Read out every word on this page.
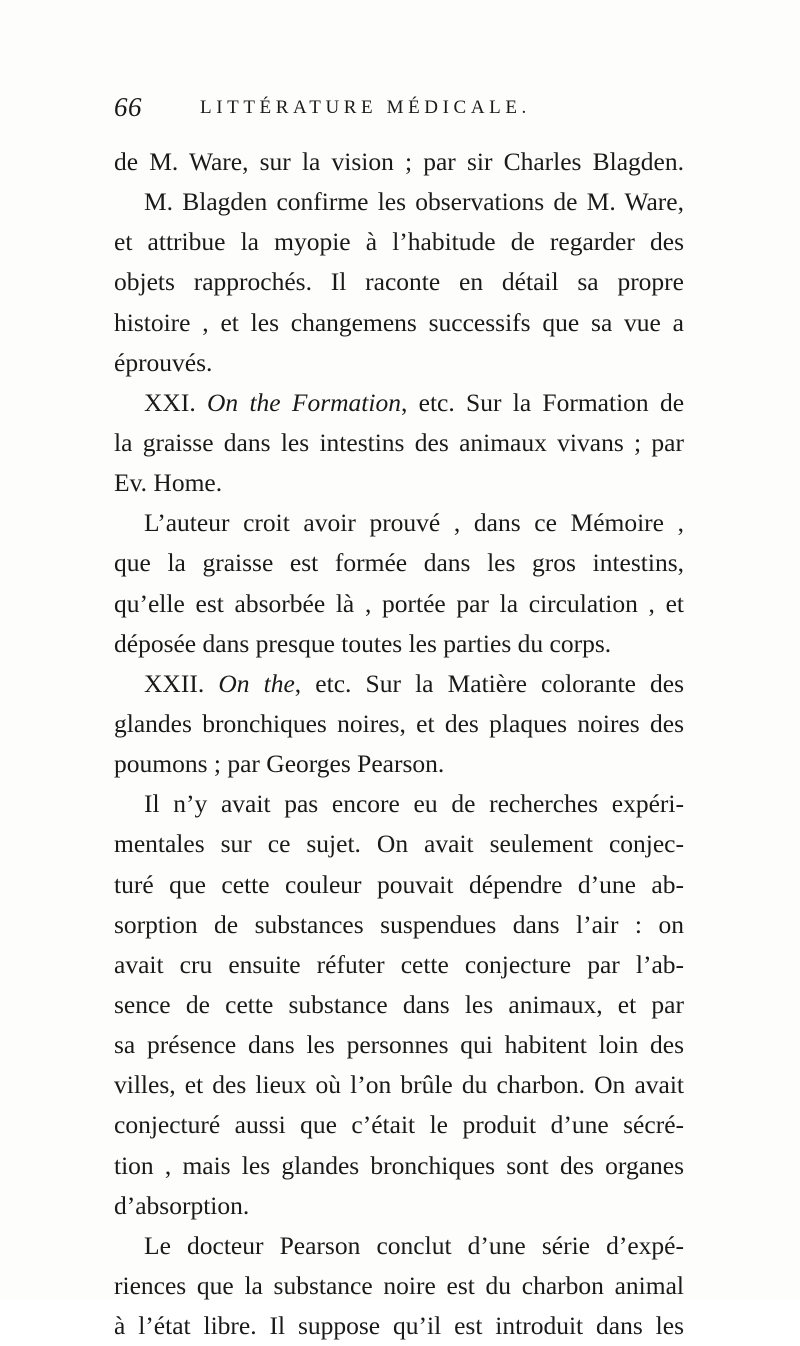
66	LITTÉRATURE MÉDICALE.
de M. Ware, sur la vision ; par sir Charles Blagden.
M. Blagden confirme les observations de M. Ware,
et attribue la myopie à l’habitude de regarder des
objets rapprochés. Il raconte en détail sa propre
histoire , et les changemens successifs que sa vue a
éprouvés.
XXI. On the Formation, etc. Sur la Formation de
la graisse dans les intestins des animaux vivans ; par
Ev. Home.
L’auteur croit avoir prouvé , dans ce Mémoire ,
que la graisse est formée dans les gros intestins,
qu’elle est absorbée là , portée par la circulation , et
déposée dans presque toutes les parties du corps.
XXII. On the, etc. Sur la Matière colorante des
glandes bronchiques noires, et des plaques noires des
poumons ; par Georges Pearson.
Il n’y avait pas encore eu de recherches expéri-
mentales sur ce sujet. On avait seulement conjec-
turé que cette couleur pouvait dépendre d’une ab-
sorption de substances suspendues dans l’air : on
avait cru ensuite réfuter cette conjecture par l’ab-
sence de cette substance dans les animaux, et par
sa présence dans les personnes qui habitent loin des
villes, et des lieux où l’on brûle du charbon. On avait
conjecturé aussi que c’était le produit d’une sécré-
tion , mais les glandes bronchiques sont des organes
d’absorption.
Le docteur Pearson conclut d’une série d’expé-
riences que la substance noire est du charbon animal
à l’état libre. Il suppose qu’il est introduit dans les
